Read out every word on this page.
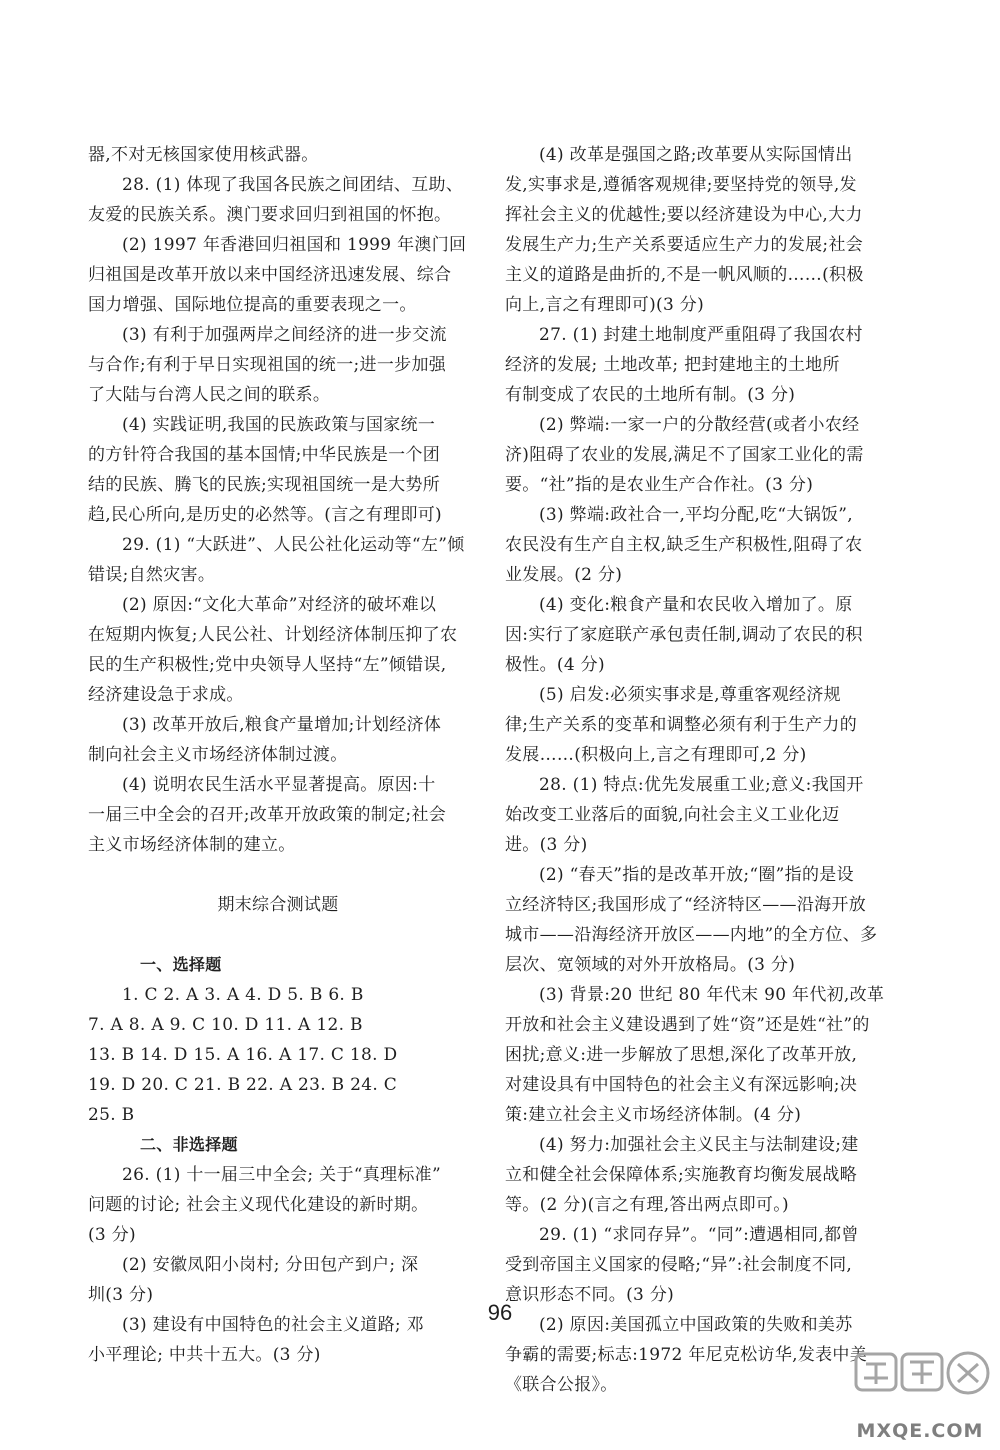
器,不对无核国家使用核武器。

28. (1) 体现了我国各民族之间团结、互助、

友爱的民族关系。澳门要求回归到祖国的怀抱。

(2) 1997 年香港回归祖国和 1999 年澳门回

归祖国是改革开放以来中国经济迅速发展、综合

国力增强、国际地位提高的重要表现之一。

(3) 有利于加强两岸之间经济的进一步交流

与合作;有利于早日实现祖国的统一;进一步加强

了大陆与台湾人民之间的联系。

(4) 实践证明,我国的民族政策与国家统一

的方针符合我国的基本国情;中华民族是一个团

结的民族、腾飞的民族;实现祖国统一是大势所

趋,民心所向,是历史的必然等。(言之有理即可)

29. (1) “大跃进”、人民公社化运动等“左”倾

错误;自然灾害。

(2) 原因:“文化大革命”对经济的破坏难以

在短期内恢复;人民公社、计划经济体制压抑了农

民的生产积极性;党中央领导人坚持“左”倾错误,

经济建设急于求成。

(3) 改革开放后,粮食产量增加;计划经济体

制向社会主义市场经济体制过渡。

(4) 说明农民生活水平显著提高。原因:十

一届三中全会的召开;改革开放政策的制定;社会

主义市场经济体制的建立。

期末综合测试题

一、选择题

1. C 2. A 3. A 4. D 5. B 6. B

7. A 8. A 9. C 10. D 11. A 12. B

13. B 14. D 15. A 16. A 17. C 18. D

19. D 20. C 21. B 22. A 23. B 24. C

25. B

二、非选择题

26. (1) 十一届三中全会; 关于“真理标准”

问题的讨论; 社会主义现代化建设的新时期。

(3 分)

(2) 安徽凤阳小岗村; 分田包产到户; 深

圳(3 分)

(3) 建设有中国特色的社会主义道路; 邓

小平理论; 中共十五大。(3 分)

(4) 改革是强国之路;改革要从实际国情出

发,实事求是,遵循客观规律;要坚持党的领导,发

挥社会主义的优越性;要以经济建设为中心,大力

发展生产力;生产关系要适应生产力的发展;社会

主义的道路是曲折的,不是一帆风顺的……(积极

向上,言之有理即可)(3 分)

27. (1) 封建土地制度严重阻碍了我国农村

经济的发展; 土地改革; 把封建地主的土地所

有制变成了农民的土地所有制。(3 分)

(2) 弊端:一家一户的分散经营(或者小农经

济)阻碍了农业的发展,满足不了国家工业化的需

要。“社”指的是农业生产合作社。(3 分)

(3) 弊端:政社合一,平均分配,吃“大锅饭”,

农民没有生产自主权,缺乏生产积极性,阻碍了农

业发展。(2 分)

(4) 变化:粮食产量和农民收入增加了。原

因:实行了家庭联产承包责任制,调动了农民的积

极性。(4 分)

(5) 启发:必须实事求是,尊重客观经济规

律;生产关系的变革和调整必须有利于生产力的

发展……(积极向上,言之有理即可,2 分)

28. (1) 特点:优先发展重工业;意义:我国开

始改变工业落后的面貌,向社会主义工业化迈

进。(3 分)

(2) “春天”指的是改革开放;“圈”指的是设

立经济特区;我国形成了“经济特区——沿海开放

城市——沿海经济开放区——内地”的全方位、多

层次、宽领域的对外开放格局。(3 分)

(3) 背景:20 世纪 80 年代末 90 年代初,改革

开放和社会主义建设遇到了姓“资”还是姓“社”的

困扰;意义:进一步解放了思想,深化了改革开放,

对建设具有中国特色的社会主义有深远影响;决

策:建立社会主义市场经济体制。(4 分)

(4) 努力:加强社会主义民主与法制建设;建

立和健全社会保障体系;实施教育均衡发展战略

等。(2 分)(言之有理,答出两点即可。)

29. (1) “求同存异”。“同”:遭遇相同,都曾

受到帝国主义国家的侵略;“异”:社会制度不同,

意识形态不同。(3 分)

(2) 原因:美国孤立中国政策的失败和美苏

争霸的需要;标志:1972 年尼克松访华,发表中美

《联合公报》。

96
MXQE.COM
